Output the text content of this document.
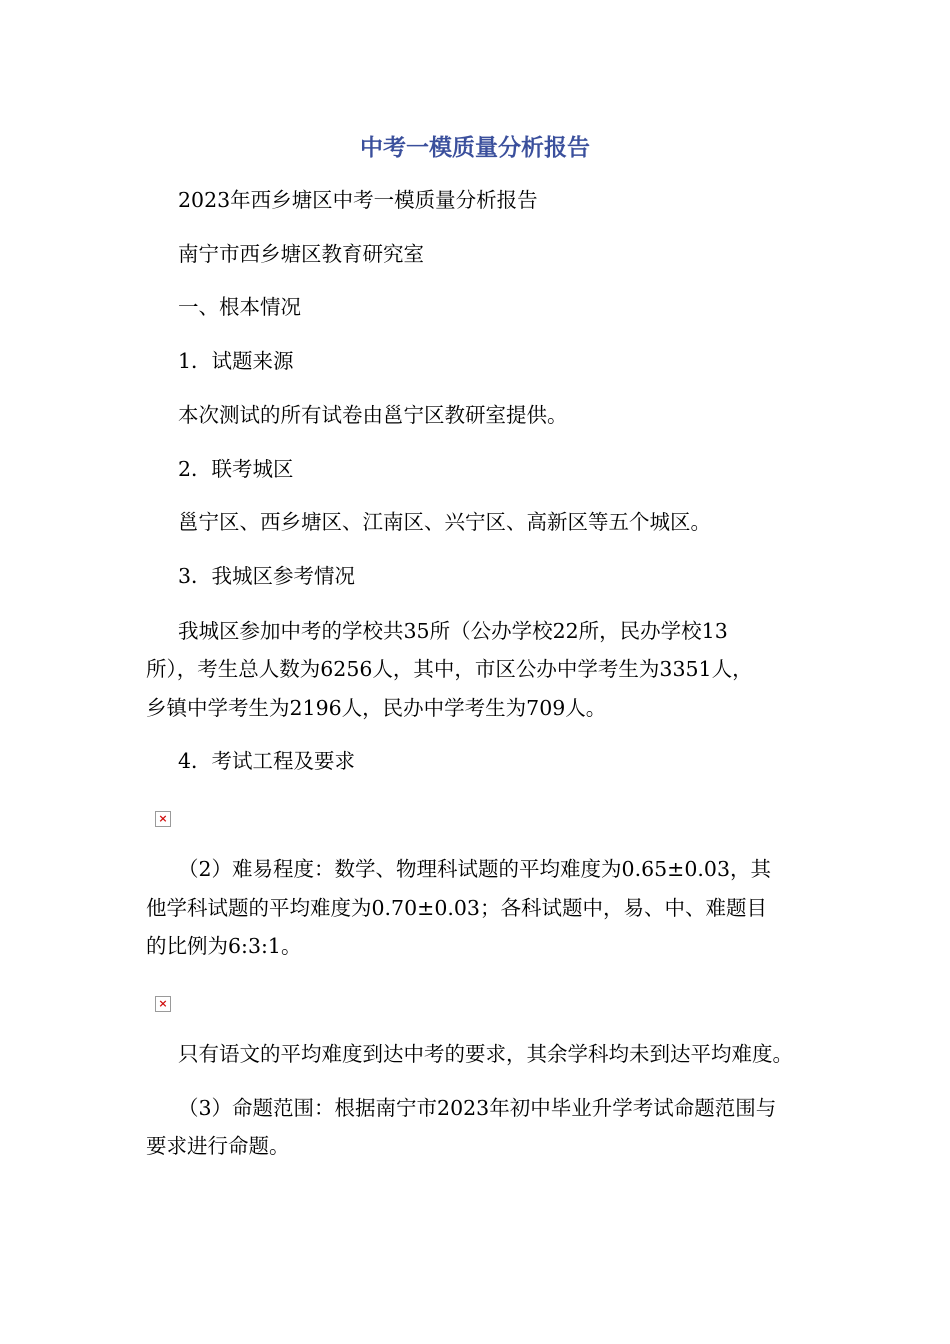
中考一模质量分析报告
2023年西乡塘区中考一模质量分析报告
南宁市西乡塘区教育研究室
一、根本情况
1．试题来源
本次测试的所有试卷由邕宁区教研室提供。
2．联考城区
邕宁区、西乡塘区、江南区、兴宁区、高新区等五个城区。
3．我城区参考情况
我城区参加中考的学校共35所（公办学校22所，民办学校13
所），考生总人数为6256人，其中，市区公办中学考生为3351人，
乡镇中学考生为2196人，民办中学考生为709人。
4．考试工程及要求
×
（2）难易程度：数学、物理科试题的平均难度为0.65±0.03，其
他学科试题的平均难度为0.70±0.03；各科试题中，易、中、难题目
的比例为6:3:1。
×
只有语文的平均难度到达中考的要求，其余学科均未到达平均难度。
（3）命题范围：根据南宁市2023年初中毕业升学考试命题范围与
要求进行命题。
